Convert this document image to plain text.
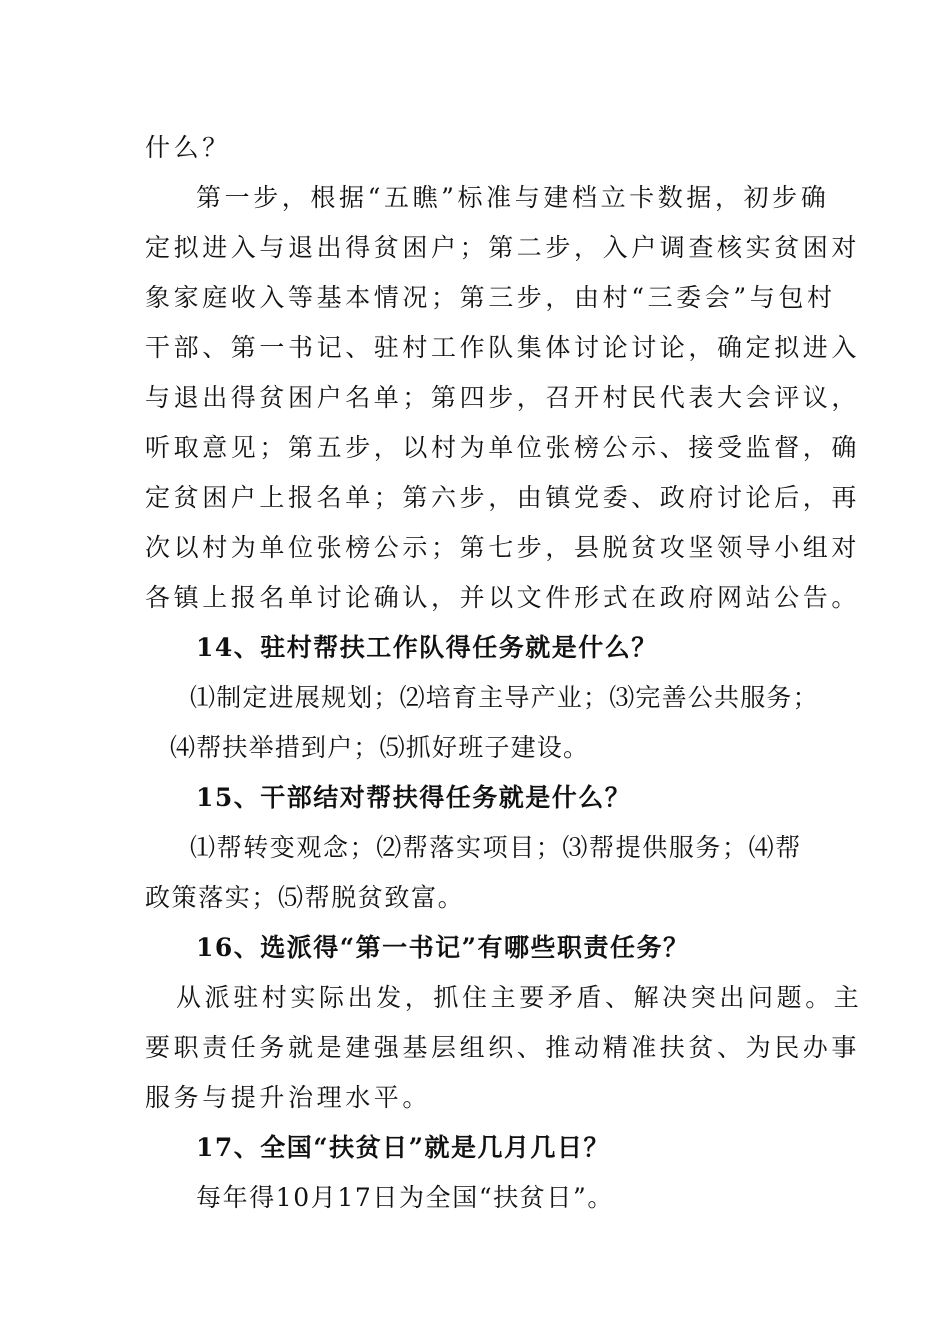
什么？
第一步，根据“五瞧”标准与建档立卡数据，初步确
定拟进入与退出得贫困户；第二步，入户调查核实贫困对
象家庭收入等基本情况；第三步，由村“三委会”与包村
干部、第一书记、驻村工作队集体讨论讨论，确定拟进入
与退出得贫困户名单；第四步，召开村民代表大会评议，
听取意见；第五步，以村为单位张榜公示、接受监督，确
定贫困户上报名单；第六步，由镇党委、政府讨论后，再
次以村为单位张榜公示；第七步，县脱贫攻坚领导小组对
各镇上报名单讨论确认，并以文件形式在政府网站公告。
14、驻村帮扶工作队得任务就是什么？
⑴制定进展规划；⑵培育主导产业；⑶完善公共服务；
⑷帮扶举措到户；⑸抓好班子建设。
15、干部结对帮扶得任务就是什么？
⑴帮转变观念；⑵帮落实项目；⑶帮提供服务；⑷帮
政策落实；⑸帮脱贫致富。
16、选派得“第一书记”有哪些职责任务？
从派驻村实际出发，抓住主要矛盾、解决突出问题。主
要职责任务就是建强基层组织、推动精准扶贫、为民办事
服务与提升治理水平。
17、全国“扶贫日”就是几月几日？
每年得10月17日为全国“扶贫日”。
